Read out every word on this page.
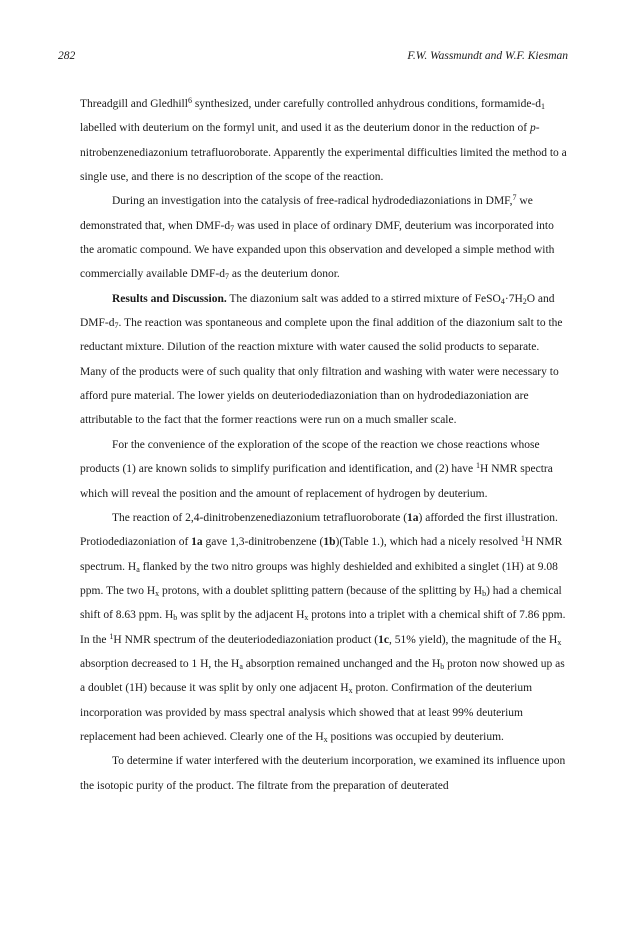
282	F.W. Wassmundt and W.F. Kiesman

Threadgill and Gledhill$^6$ synthesized, under carefully controlled anhydrous conditions, formamide-$d_1$ labelled with deuterium on the formyl unit, and used it as the deuterium donor in the reduction of p-nitrobenzenediazonium tetrafluoroborate. Apparently the experimental difficulties limited the method to a single use, and there is no description of the scope of the reaction.

During an investigation into the catalysis of free-radical hydrodediazoniations in DMF,$^7$ we demonstrated that, when DMF-$d_7$ was used in place of ordinary DMF, deuterium was incorporated into the aromatic compound. We have expanded upon this observation and developed a simple method with commercially available DMF-$d_7$ as the deuterium donor.

Results and Discussion. The diazonium salt was added to a stirred mixture of $FeSO_4\cdot 7H_2O$ and DMF-$d_7$. The reaction was spontaneous and complete upon the final addition of the diazonium salt to the reductant mixture. Dilution of the reaction mixture with water caused the solid products to separate. Many of the products were of such quality that only filtration and washing with water were necessary to afford pure material. The lower yields on deuteriodediazoniation than on hydrodediazoniation are attributable to the fact that the former reactions were run on a much smaller scale.

For the convenience of the exploration of the scope of the reaction we chose reactions whose products (1) are known solids to simplify purification and identification, and (2) have $^1$H NMR spectra which will reveal the position and the amount of replacement of hydrogen by deuterium.

The reaction of 2,4-dinitrobenzenediazonium tetrafluoroborate (1a) afforded the first illustration. Protiodediazoniation of 1a gave 1,3-dinitrobenzene (1b)(Table 1.), which had a nicely resolved $^1$H NMR spectrum. $H_a$ flanked by the two nitro groups was highly deshielded and exhibited a singlet (1H) at 9.08 ppm. The two $H_x$ protons, with a doublet splitting pattern (because of the splitting by $H_b$) had a chemical shift of 8.63 ppm. $H_b$ was split by the adjacent $H_x$ protons into a triplet with a chemical shift of 7.86 ppm. In the $^1$H NMR spectrum of the deuteriodediazoniation product (1c, 51% yield), the magnitude of the $H_x$ absorption decreased to 1 H, the $H_a$ absorption remained unchanged and the $H_b$ proton now showed up as a doublet (1H) because it was split by only one adjacent $H_x$ proton. Confirmation of the deuterium incorporation was provided by mass spectral analysis which showed that at least 99% deuterium replacement had been achieved. Clearly one of the $H_x$ positions was occupied by deuterium.

To determine if water interfered with the deuterium incorporation, we examined its influence upon the isotopic purity of the product. The filtrate from the preparation of deuterated
